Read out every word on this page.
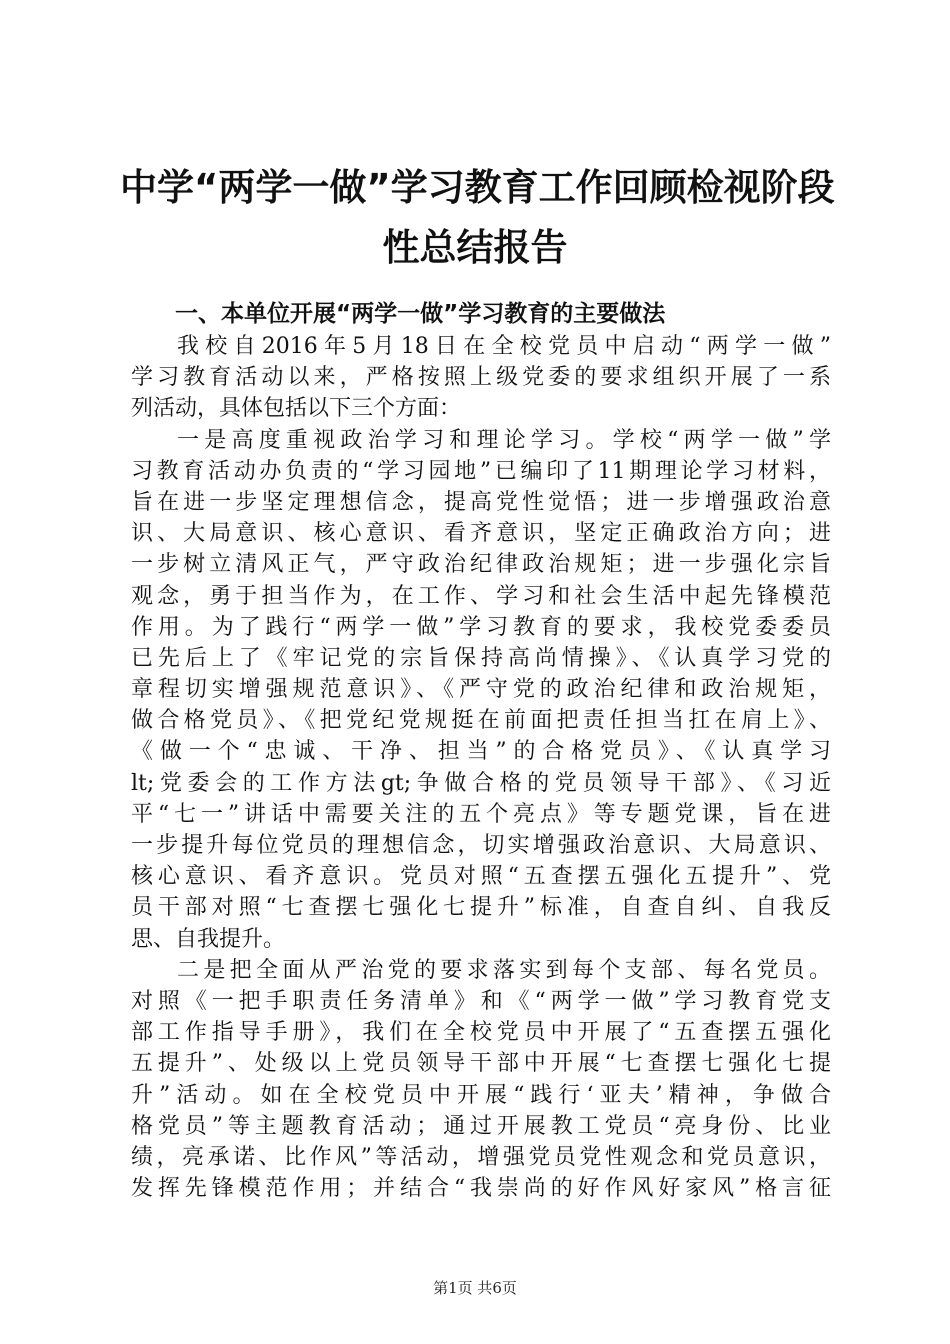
中学“两学一做”学习教育工作回顾检视阶段
性总结报告
一、本单位开展“两学一做”学习教育的主要做法
我校自2016年5月18日在全校党员中启动“两学一做”
学习教育活动以来，严格按照上级党委的要求组织开展了一系
列活动，具体包括以下三个方面：
一是高度重视政治学习和理论学习。学校“两学一做”学
习教育活动办负责的“学习园地”已编印了11期理论学习材料，
旨在进一步坚定理想信念，提高党性觉悟；进一步增强政治意
识、大局意识、核心意识、看齐意识，坚定正确政治方向；进
一步树立清风正气，严守政治纪律政治规矩；进一步强化宗旨
观念，勇于担当作为，在工作、学习和社会生活中起先锋模范
作用。为了践行“两学一做”学习教育的要求，我校党委委员
已先后上了《牢记党的宗旨保持高尚情操》、《认真学习党的
章程切实增强规范意识》、《严守党的政治纪律和政治规矩，
做合格党员》、《把党纪党规挺在前面把责任担当扛在肩上》、
《做一个“忠诚、干净、担当”的合格党员》、《认真学习
lt;党委会的工作方法gt;争做合格的党员领导干部》、《习近
平“七一”讲话中需要关注的五个亮点》等专题党课，旨在进
一步提升每位党员的理想信念，切实增强政治意识、大局意识、
核心意识、看齐意识。党员对照“五查摆五强化五提升”、党
员干部对照“七查摆七强化七提升”标准，自查自纠、自我反
思、自我提升。
二是把全面从严治党的要求落实到每个支部、每名党员。
对照《一把手职责任务清单》和《“两学一做”学习教育党支
部工作指导手册》，我们在全校党员中开展了“五查摆五强化
五提升”、处级以上党员领导干部中开展“七查摆七强化七提
升”活动。如在全校党员中开展“践行‘亚夫’精神，争做合
格党员”等主题教育活动；通过开展教工党员“亮身份、比业
绩，亮承诺、比作风”等活动，增强党员党性观念和党员意识，
发挥先锋模范作用；并结合“我崇尚的好作风好家风”格言征
第1页 共6页
